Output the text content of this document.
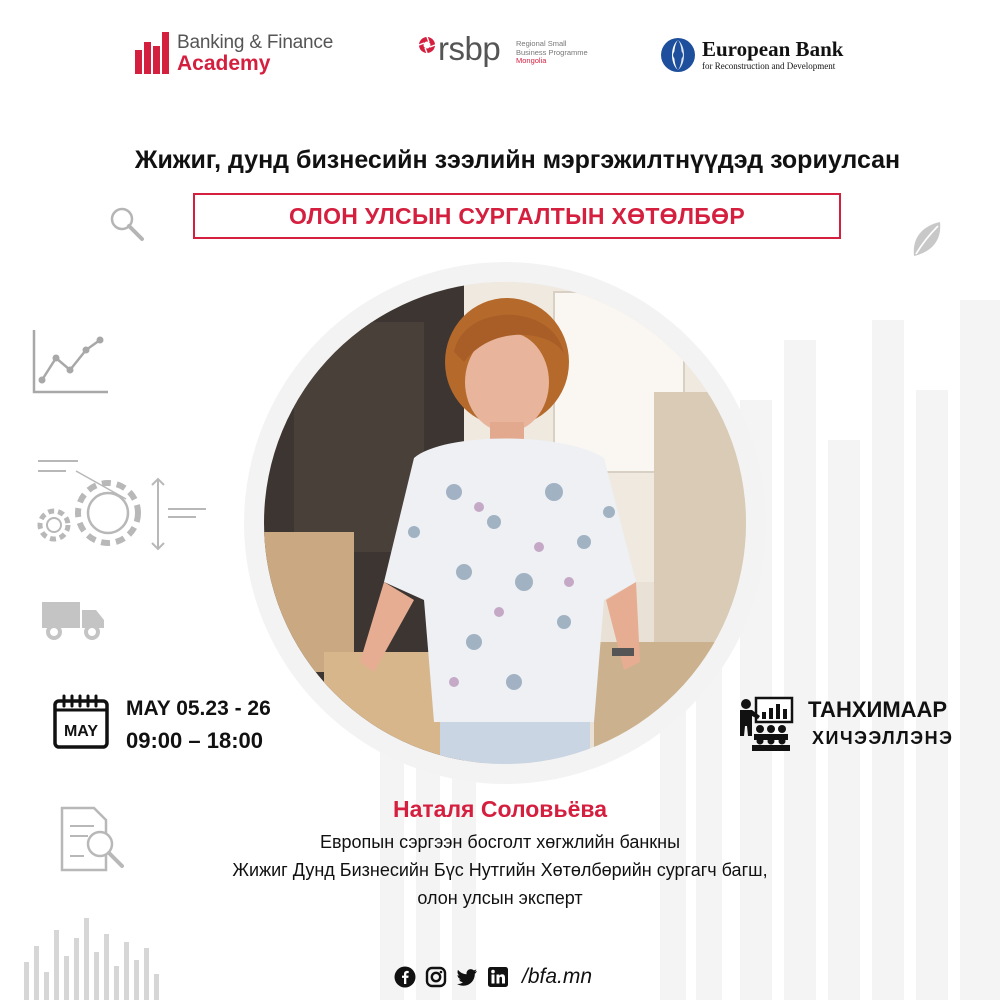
Banking & Finance
Academy	rsbp Regional Small
Business Programme
Mongolia	European Bank
for Reconstruction and Development
Жижиг, дунд бизнесийн зээлийн мэргэжилтнүүдэд зориулсан
ОЛОН УЛСЫН СУРГАЛТЫН ХӨТӨЛБӨР
MAY
MAY 05.23 - 26
09:00 – 18:00
ТАНХИМААР
ХИЧЭЭЛЛЭНЭ
Наталя Соловьёва
Европын сэргээн босголт хөгжлийн банкны
Жижиг Дунд Бизнесийн Бүс Нутгийн Хөтөлбөрийн сургагч багш,
олон улсын эксперт
/bfa.mn
